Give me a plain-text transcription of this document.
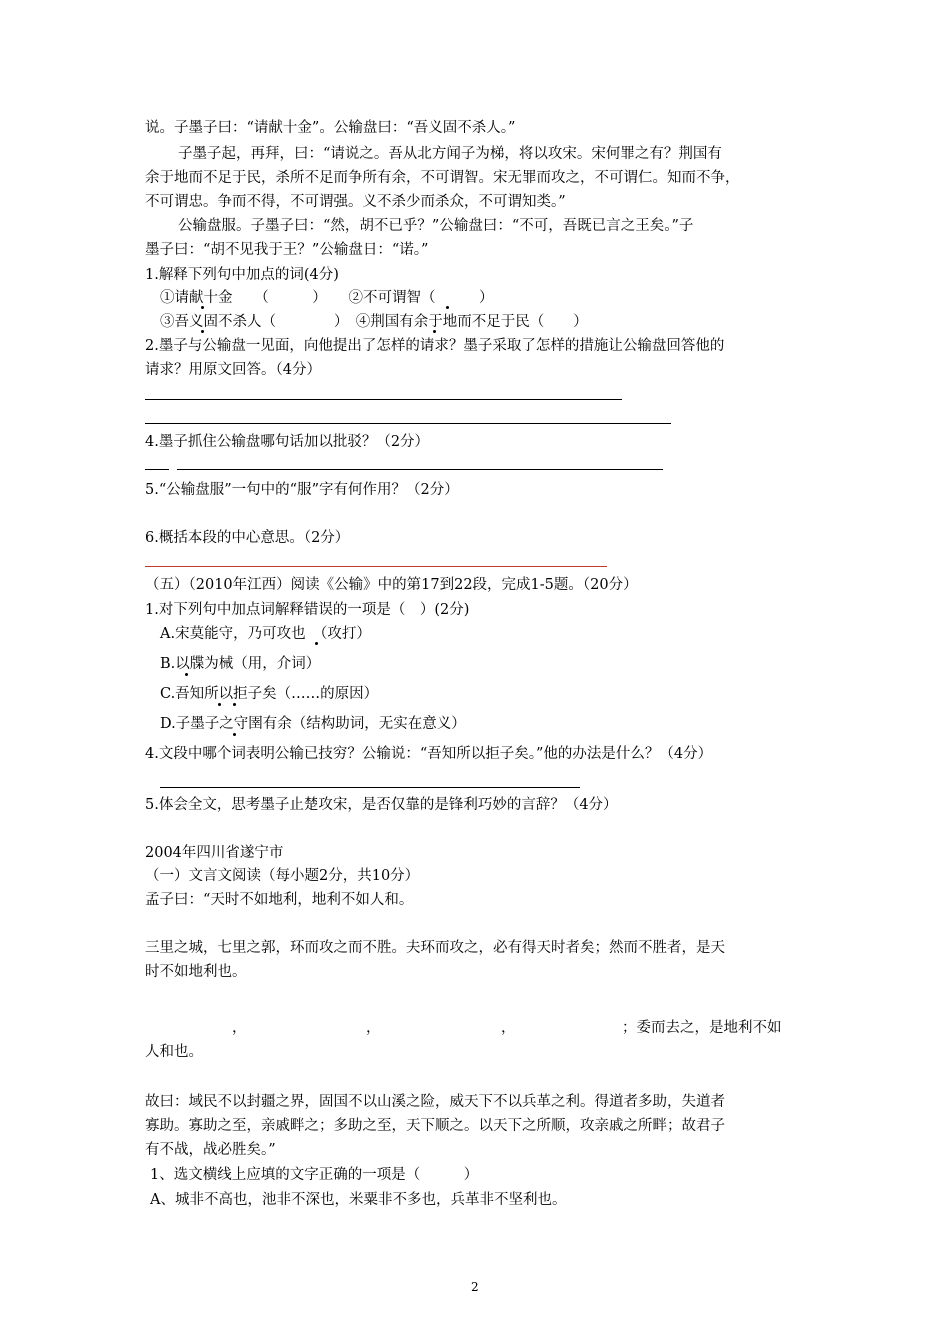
说。子墨子曰：“请献十金”。公输盘曰：“吾义固不杀人。”
子墨子起，再拜，曰：“请说之。吾从北方闻子为梯，将以攻宋。宋何罪之有？荆国有
余于地而不足于民，杀所不足而争所有余，不可谓智。宋无罪而攻之，不可谓仁。知而不争，
不可谓忠。争而不得，不可谓强。义不杀少而杀众，不可谓知类。”
公输盘服。子墨子曰：“然，胡不已乎？”公输盘曰：“不可，吾既已言之王矣。”子
墨子曰：“胡不见我于王？”公输盘日：“诺。”
1.解释下列句中加点的词(4分)
①请献十金　　（　　　）　　②不可谓智（　　　）
③吾义固不杀人（　　　　）　④荆国有余于地而不足于民（　　）
2.墨子与公输盘一见面，向他提出了怎样的请求？墨子采取了怎样的措施让公输盘回答他的
请求？用原文回答。（4分）
4.墨子抓住公输盘哪句话加以批驳？（2分）
5.“公输盘服”一句中的“服”字有何作用？（2分）
6.概括本段的中心意思。（2分）
（五）（2010年江西）阅读《公输》中的第17到22段，完成1-5题。（20分）
1.对下列句中加点词解释错误的一项是（　）(2分)
A.宋莫能守，乃可攻也　（攻打）
B.以牒为械（用，介词）
C.吾知所以拒子矣（……的原因）
D.子墨子之守圉有余（结构助词，无实在意义）
4.文段中哪个词表明公输已技穷？公输说：“吾知所以拒子矣。”他的办法是什么？（4分）
5.体会全文，思考墨子止楚攻宋，是否仅靠的是锋利巧妙的言辞？（4分）
2004年四川省遂宁市
（一）文言文阅读（每小题2分，共10分）
孟子曰：“天时不如地利，地利不如人和。
三里之城，七里之郭，环而攻之而不胜。夫环而攻之，必有得天时者矣；然而不胜者，是天
时不如地利也。
，	，	，	；委而去之，是地利不如
人和也。
故曰：域民不以封疆之界，固国不以山溪之险，威天下不以兵革之利。得道者多助，失道者
寡助。寡助之至，亲戚畔之；多助之至，天下顺之。以天下之所顺，攻亲戚之所畔；故君子
有不战，战必胜矣。”
1、选文横线上应填的文字正确的一项是（　　　）
A、城非不高也，池非不深也，米粟非不多也，兵革非不坚利也。
2
